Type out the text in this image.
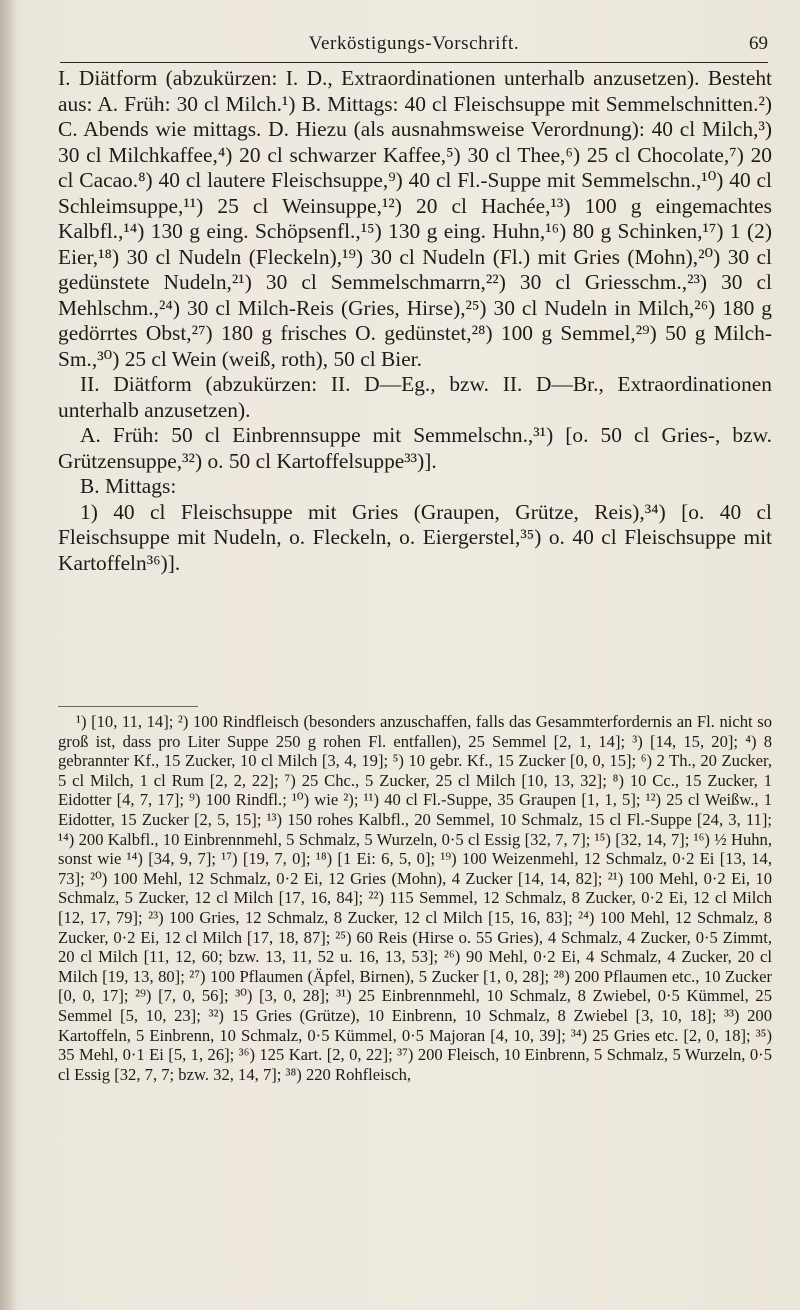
Verköstigungs-Vorschrift.	69

I. Diätform (abzukürzen: I. D., Extraordinationen unterhalb anzusetzen). Besteht aus: A. Früh: 30 cl Milch.¹) B. Mittags: 40 cl Fleischsuppe mit Semmelschnitten.²) C. Abends wie mittags. D. Hiezu (als ausnahmsweise Verordnung): 40 cl Milch,³) 30 cl Milchkaffee,⁴) 20 cl schwarzer Kaffee,⁵) 30 cl Thee,⁶) 25 cl Chocolate,⁷) 20 cl Cacao.⁸) 40 cl lautere Fleischsuppe,⁹) 40 cl Fl.-Suppe mit Semmelschn.,¹⁰) 40 cl Schleimsuppe,¹¹) 25 cl Weinsuppe,¹²) 20 cl Hachée,¹³) 100 g eingemachtes Kalbfl.,¹⁴) 130 g eing. Schöpsenfl.,¹⁵) 130 g eing. Huhn,¹⁶) 80 g Schinken,¹⁷) 1 (2) Eier,¹⁸) 30 cl Nudeln (Fleckeln),¹⁹) 30 cl Nudeln (Fl.) mit Gries (Mohn),²⁰) 30 cl gedünstete Nudeln,²¹) 30 cl Semmelschmarrn,²²) 30 cl Griesschm.,²³) 30 cl Mehlschm.,²⁴) 30 cl Milch-Reis (Gries, Hirse),²⁵) 30 cl Nudeln in Milch,²⁶) 180 g gedörrtes Obst,²⁷) 180 g frisches O. gedünstet,²⁸) 100 g Semmel,²⁹) 50 g Milch-Sm.,³⁰) 25 cl Wein (weiß, roth), 50 cl Bier.

II. Diätform (abzukürzen: II. D—Eg., bzw. II. D—Br., Extraordinationen unterhalb anzusetzen).

A. Früh: 50 cl Einbrennsuppe mit Semmelschn.,³¹) [o. 50 cl Gries-, bzw. Grützensuppe,³²) o. 50 cl Kartoffelsuppe³³)].

B. Mittags:

1) 40 cl Fleischsuppe mit Gries (Graupen, Grütze, Reis),³⁴) [o. 40 cl Fleischsuppe mit Nudeln, o. Fleckeln, o. Eiergerstel,³⁵) o. 40 cl Fleischsuppe mit Kartoffeln³⁶)].

¹) [10, 11, 14]; ²) 100 Rindfleisch (besonders anzuschaffen, falls das Gesammterfordernis an Fl. nicht so groß ist, dass pro Liter Suppe 250 g rohen Fl. entfallen), 25 Semmel [2, 1, 14]; ³) [14, 15, 20]; ⁴) 8 gebrannter Kf., 15 Zucker, 10 cl Milch [3, 4, 19]; ⁵) 10 gebr. Kf., 15 Zucker [0, 0, 15]; ⁶) 2 Th., 20 Zucker, 5 cl Milch, 1 cl Rum [2, 2, 22]; ⁷) 25 Chc., 5 Zucker, 25 cl Milch [10, 13, 32]; ⁸) 10 Cc., 15 Zucker, 1 Eidotter [4, 7, 17]; ⁹) 100 Rindfl.; ¹⁰) wie ²); ¹¹) 40 cl Fl.-Suppe, 35 Graupen [1, 1, 5]; ¹²) 25 cl Weißw., 1 Eidotter, 15 Zucker [2, 5, 15]; ¹³) 150 rohes Kalbfl., 20 Semmel, 10 Schmalz, 15 cl Fl.-Suppe [24, 3, 11]; ¹⁴) 200 Kalbfl., 10 Einbrennmehl, 5 Schmalz, 5 Wurzeln, 0·5 cl Essig [32, 7, 7]; ¹⁵) [32, 14, 7]; ¹⁶) ½ Huhn, sonst wie ¹⁴) [34, 9, 7]; ¹⁷) [19, 7, 0]; ¹⁸) [1 Ei: 6, 5, 0]; ¹⁹) 100 Weizenmehl, 12 Schmalz, 0·2 Ei [13, 14, 73]; ²⁰) 100 Mehl, 12 Schmalz, 0·2 Ei, 12 Gries (Mohn), 4 Zucker [14, 14, 82]; ²¹) 100 Mehl, 0·2 Ei, 10 Schmalz, 5 Zucker, 12 cl Milch [17, 16, 84]; ²²) 115 Semmel, 12 Schmalz, 8 Zucker, 0·2 Ei, 12 cl Milch [12, 17, 79]; ²³) 100 Gries, 12 Schmalz, 8 Zucker, 12 cl Milch [15, 16, 83]; ²⁴) 100 Mehl, 12 Schmalz, 8 Zucker, 0·2 Ei, 12 cl Milch [17, 18, 87]; ²⁵) 60 Reis (Hirse o. 55 Gries), 4 Schmalz, 4 Zucker, 0·5 Zimmt, 20 cl Milch [11, 12, 60; bzw. 13, 11, 52 u. 16, 13, 53]; ²⁶) 90 Mehl, 0·2 Ei, 4 Schmalz, 4 Zucker, 20 cl Milch [19, 13, 80]; ²⁷) 100 Pflaumen (Äpfel, Birnen), 5 Zucker [1, 0, 28]; ²⁸) 200 Pflaumen etc., 10 Zucker [0, 0, 17]; ²⁹) [7, 0, 56]; ³⁰) [3, 0, 28]; ³¹) 25 Einbrennmehl, 10 Schmalz, 8 Zwiebel, 0·5 Kümmel, 25 Semmel [5, 10, 23]; ³²) 15 Gries (Grütze), 10 Einbrenn, 10 Schmalz, 8 Zwiebel [3, 10, 18]; ³³) 200 Kartoffeln, 5 Einbrenn, 10 Schmalz, 0·5 Kümmel, 0·5 Majoran [4, 10, 39]; ³⁴) 25 Gries etc. [2, 0, 18]; ³⁵) 35 Mehl, 0·1 Ei [5, 1, 26]; ³⁶) 125 Kart. [2, 0, 22]; ³⁷) 200 Fleisch, 10 Einbrenn, 5 Schmalz, 5 Wurzeln, 0·5 cl Essig [32, 7, 7; bzw. 32, 14, 7]; ³⁸) 220 Rohfleisch,
